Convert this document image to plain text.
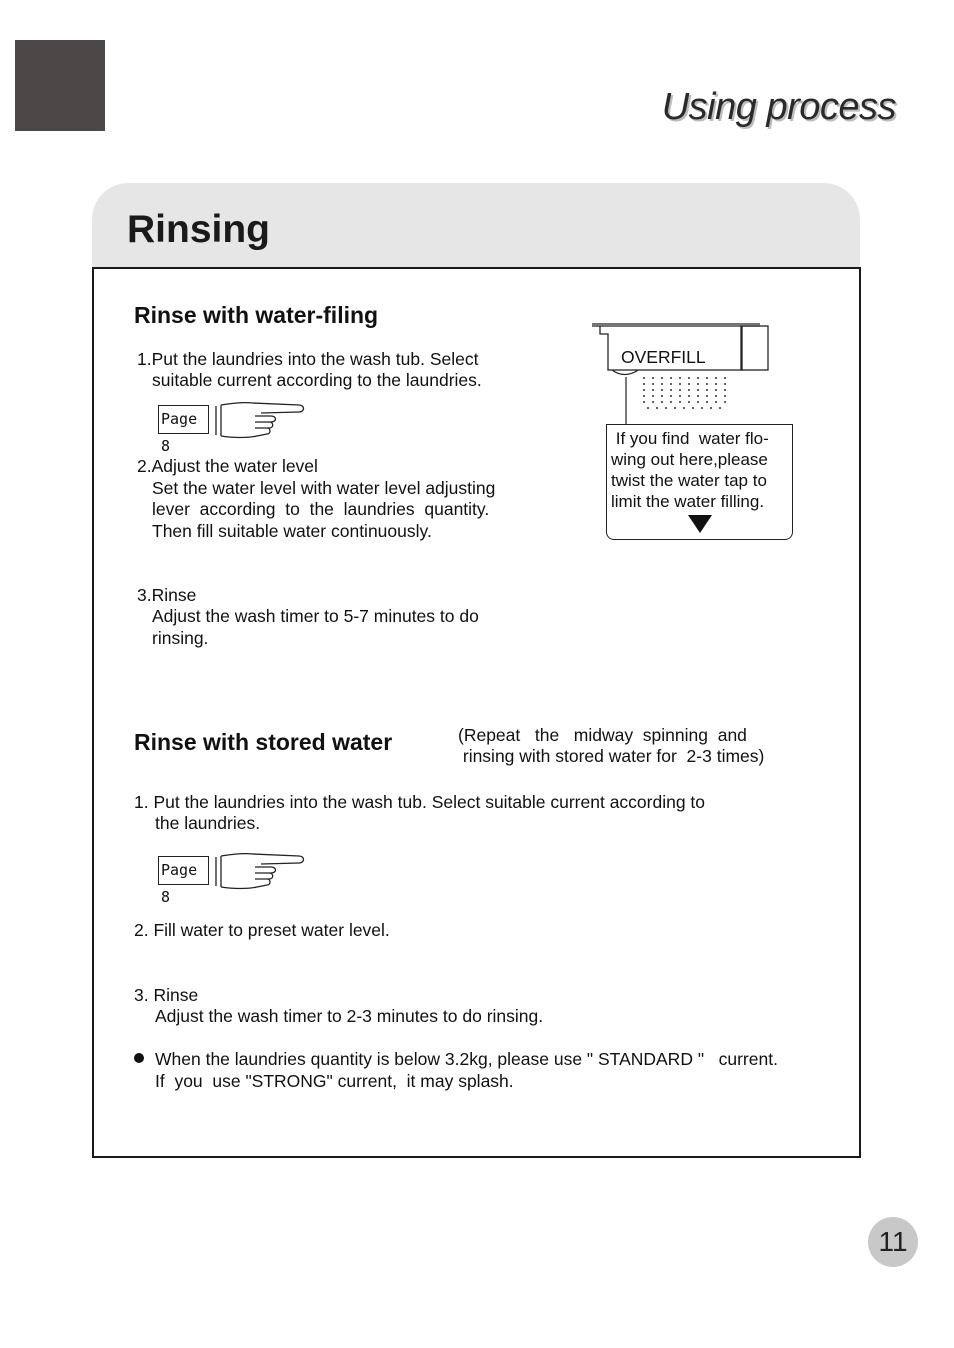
Using process
Rinsing
Rinse with water-filing
1.Put the laundries into the wash tub. Select
suitable current according to the laundries.
Page 8
2.Adjust the water level
Set the water level with water level adjusting
lever  according  to  the  laundries  quantity.
Then fill suitable water continuously.
3.Rinse
Adjust the wash timer to 5-7 minutes to do
rinsing.
OVERFILL
If you find  water flo-
wing out here,please
twist the water tap to
limit the water filling.
Rinse with stored water	(Repeat   the   midway  spinning  and
rinsing with stored water for  2-3 times)
1. Put the laundries into the wash tub. Select suitable current according to
the laundries.
Page 8
2. Fill water to preset water level.
3. Rinse
Adjust the wash timer to 2-3 minutes to do rinsing.
When the laundries quantity is below 3.2kg, please use " STANDARD "   current.
If  you  use "STRONG" current,  it may splash.
11
